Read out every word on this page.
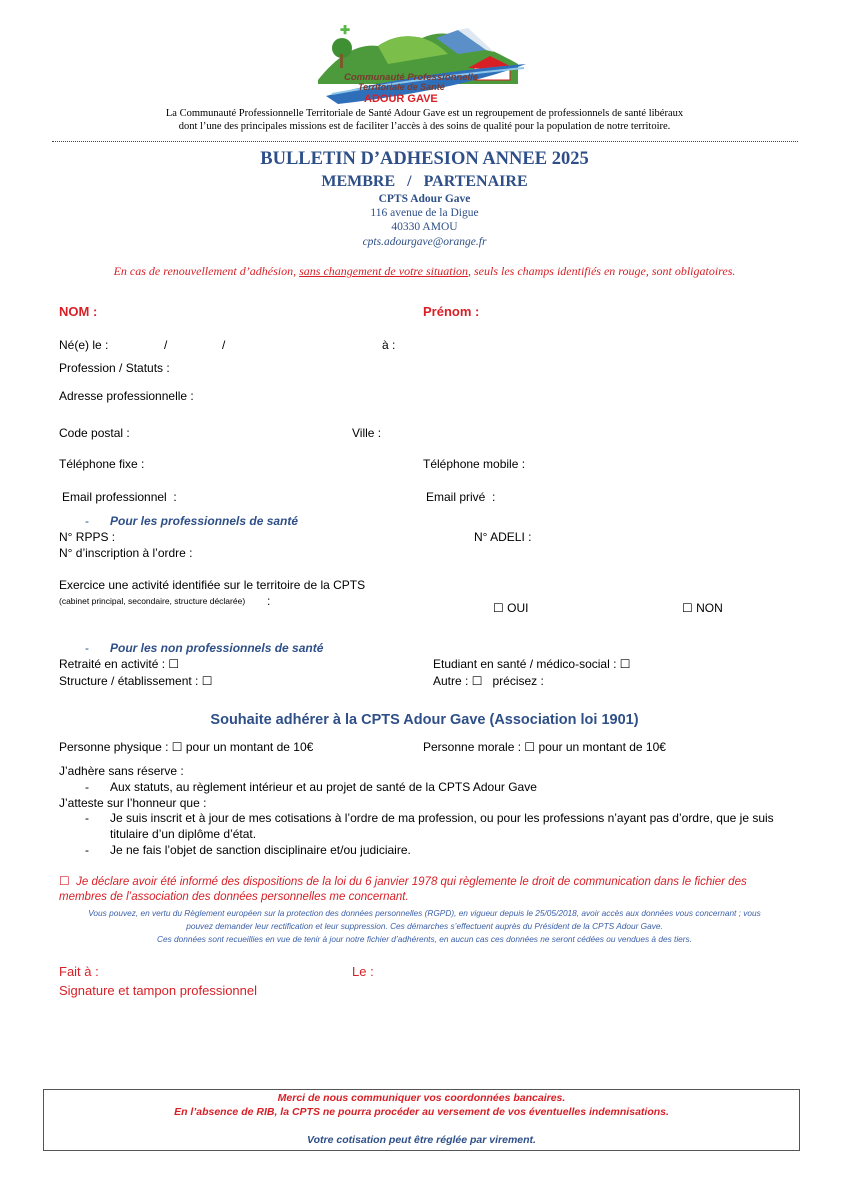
✚
Communauté Professionnelle
Territoriale de Santé
ADOUR GAVE
La Communauté Professionnelle Territoriale de Santé Adour Gave est un regroupement de professionnels de santé libéraux
dont l’une des principales missions est de faciliter l’accès à des soins de qualité pour la population de notre territoire.
BULLETIN D’ADHESION ANNEE 2025
MEMBRE   /   PARTENAIRE
CPTS Adour Gave
116 avenue de la Digue
40330 AMOU
cpts.adourgave@orange.fr
En cas de renouvellement d’adhésion, sans changement de votre situation, seuls les champs identifiés en rouge, sont obligatoires.
NOM :	Prénom :
Né(e) le :	/	/	à :
Profession / Statuts :
Adresse professionnelle :
Code postal :	Ville :
Téléphone fixe :	Téléphone mobile :
Email professionnel  :	Email privé  :
- Pour les professionnels de santé
N° RPPS :	N° ADELI :
N° d’inscription à l’ordre :
Exercice une activité identifiée sur le territoire de la CPTS
(cabinet principal, secondaire, structure déclarée) :	☐ OUI	☐ NON
- Pour les non professionnels de santé
Retraité en activité : ☐	Etudiant en santé / médico-social : ☐
Structure / établissement : ☐	Autre : ☐ précisez :
Souhaite adhérer à la CPTS Adour Gave (Association loi 1901)
Personne physique : ☐ pour un montant de 10€	Personne morale : ☐ pour un montant de 10€
J’adhère sans réserve :
- Aux statuts, au règlement intérieur et au projet de santé de la CPTS Adour Gave
J’atteste sur l’honneur que :
- Je suis inscrit et à jour de mes cotisations à l’ordre de ma profession, ou pour les professions n’ayant pas d’ordre, que je suis
titulaire d’un diplôme d’état.
- Je ne fais l’objet de sanction disciplinaire et/ou judiciaire.
☐ Je déclare avoir été informé des dispositions de la loi du 6 janvier 1978 qui règlemente le droit de communication dans le fichier des
membres de l’association des données personnelles me concernant.
Vous pouvez, en vertu du Règlement européen sur la protection des données personnelles (RGPD), en vigueur depuis le 25/05/2018, avoir accès aux données vous concernant ; vous
pouvez demander leur rectification et leur suppression. Ces démarches s’effectuent auprès du Président de la CPTS Adour Gave.
Ces données sont recueillies en vue de tenir à jour notre fichier d’adhérents, en aucun cas ces données ne seront cédées ou vendues à des tiers.
Fait à :	Le :
Signature et tampon professionnel
Merci de nous communiquer vos coordonnées bancaires.
En l’absence de RIB, la CPTS ne pourra procéder au versement de vos éventuelles indemnisations.
Votre cotisation peut être réglée par virement.
